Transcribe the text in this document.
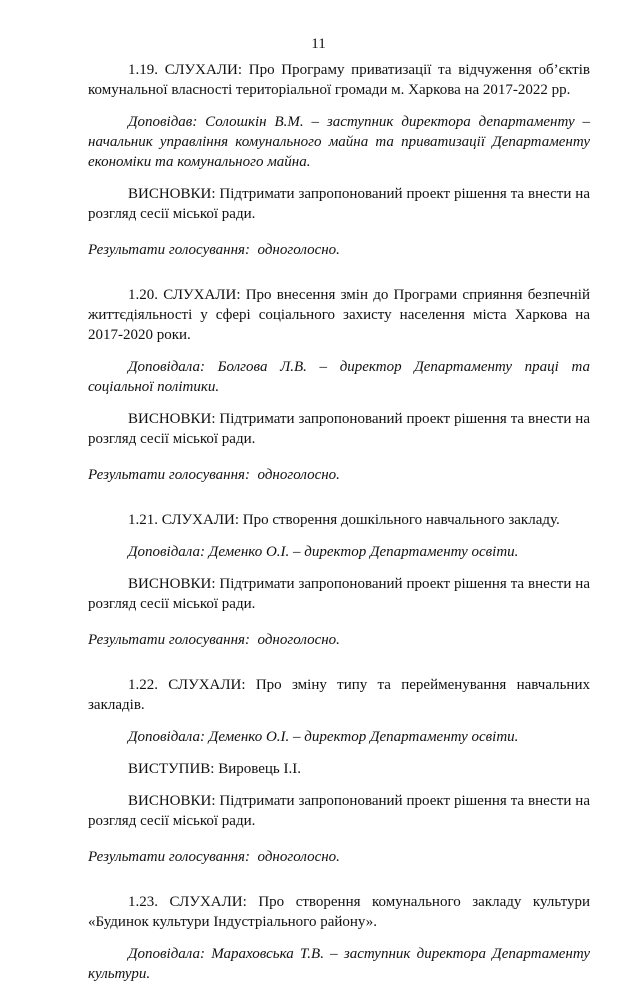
11

1.19. СЛУХАЛИ: Про Програму приватизації та відчуження об’єктів комунальної власності територіальної громади м. Харкова на 2017-2022 рр.

Доповідав: Солошкін В.М. – заступник директора департаменту – начальник управління комунального майна та приватизації Департаменту економіки та комунального майна.

ВИСНОВКИ: Підтримати запропонований проект рішення та внести на розгляд сесії міської ради.

Результати голосування: одноголосно.

1.20. СЛУХАЛИ: Про внесення змін до Програми сприяння безпечній життєдіяльності у сфері соціального захисту населення міста Харкова на 2017-2020 роки.

Доповідала: Болгова Л.В. – директор Департаменту праці та соціальної політики.

ВИСНОВКИ: Підтримати запропонований проект рішення та внести на розгляд сесії міської ради.

Результати голосування: одноголосно.

1.21. СЛУХАЛИ: Про створення дошкільного навчального закладу.

Доповідала: Деменко О.І. – директор Департаменту освіти.

ВИСНОВКИ: Підтримати запропонований проект рішення та внести на розгляд сесії міської ради.

Результати голосування: одноголосно.

1.22. СЛУХАЛИ: Про зміну типу та перейменування навчальних закладів.

Доповідала: Деменко О.І. – директор Департаменту освіти.

ВИСТУПИВ: Вировець І.І.

ВИСНОВКИ: Підтримати запропонований проект рішення та внести на розгляд сесії міської ради.

Результати голосування: одноголосно.

1.23. СЛУХАЛИ: Про створення комунального закладу культури «Будинок культури Індустріального району».

Доповідала: Мараховська Т.В. – заступник директора Департаменту культури.
